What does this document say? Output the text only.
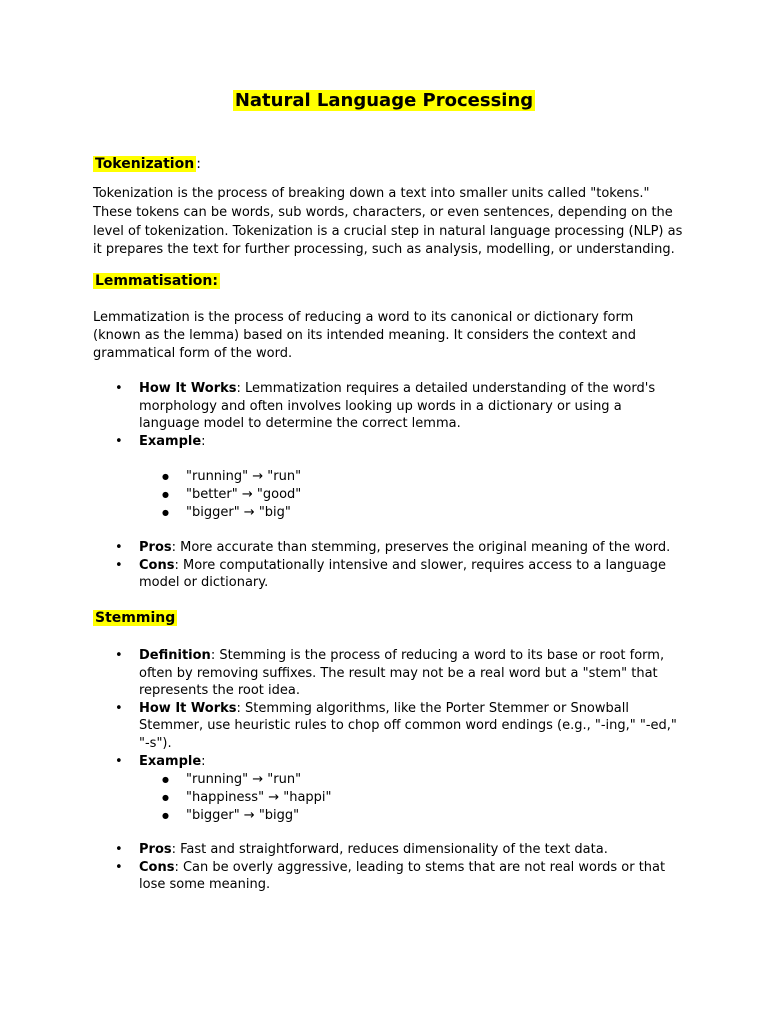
Natural Language Processing
Tokenization :

Tokenization is the process of breaking down a text into smaller units called "tokens." These tokens can be words, sub words, characters, or even sentences, depending on the level of tokenization. Tokenization is a crucial step in natural language processing (NLP) as it prepares the text for further processing, such as analysis, modelling, or understanding.

Lemmatisation:

Lemmatization is the process of reducing a word to its canonical or dictionary form (known as the lemma) based on its intended meaning. It considers the context and grammatical form of the word.

• How It Works: Lemmatization requires a detailed understanding of the word's morphology and often involves looking up words in a dictionary or using a language model to determine the correct lemma.
• Example:
● "running" → "run"
● "better" → "good"
● "bigger" → "big"
• Pros: More accurate than stemming, preserves the original meaning of the word.
• Cons: More computationally intensive and slower, requires access to a language model or dictionary.
Stemming
• Definition: Stemming is the process of reducing a word to its base or root form, often by removing suffixes. The result may not be a real word but a "stem" that represents the root idea.
• How It Works: Stemming algorithms, like the Porter Stemmer or Snowball Stemmer, use heuristic rules to chop off common word endings (e.g., "-ing," "-ed," "-s").
• Example:
● "running" → "run"
● "happiness" → "happi"
● "bigger" → "bigg"
• Pros: Fast and straightforward, reduces dimensionality of the text data.
• Cons: Can be overly aggressive, leading to stems that are not real words or that lose some meaning.
